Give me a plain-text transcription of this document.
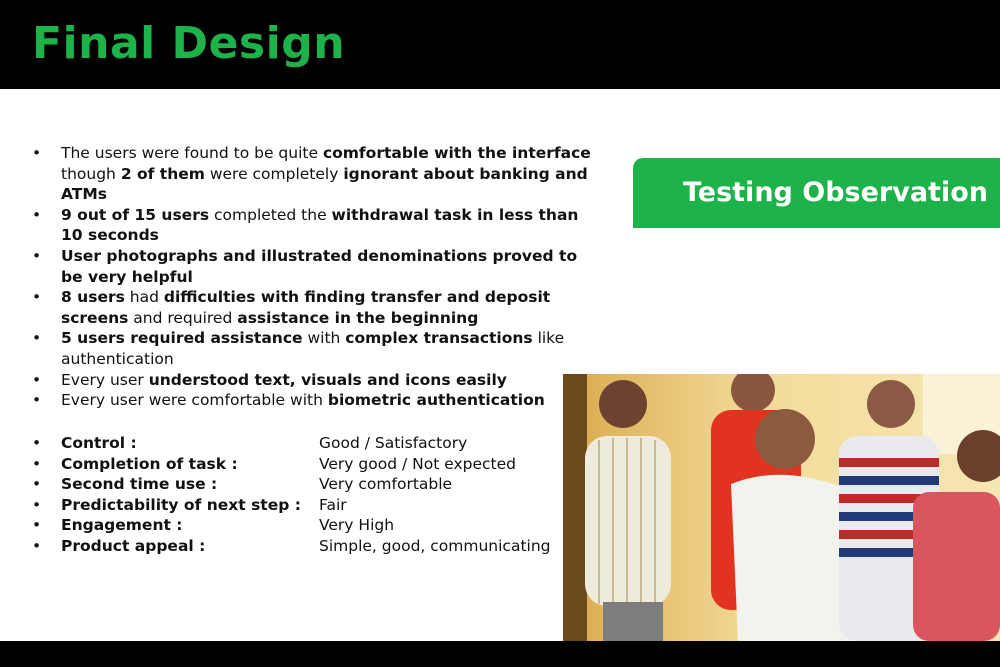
Final Design
• The users were found to be quite comfortable with the interface though 2 of them were completely ignorant about banking and ATMs
• 9 out of 15 users completed the withdrawal task in less than 10 seconds
• User photographs and illustrated denominations proved to be very helpful
• 8 users had difficulties with finding transfer and deposit screens and required assistance in the beginning
• 5 users required assistance with complex transactions like authentication
• Every user understood text, visuals and icons easily
• Every user were comfortable with biometric authentication
• Control :	Good / Satisfactory
• Completion of task :	Very good / Not expected
• Second time use :	Very comfortable
• Predictability of next step : Fair
• Engagement :	Very High
• Product appeal :	Simple, good, communicating
Testing Observation
